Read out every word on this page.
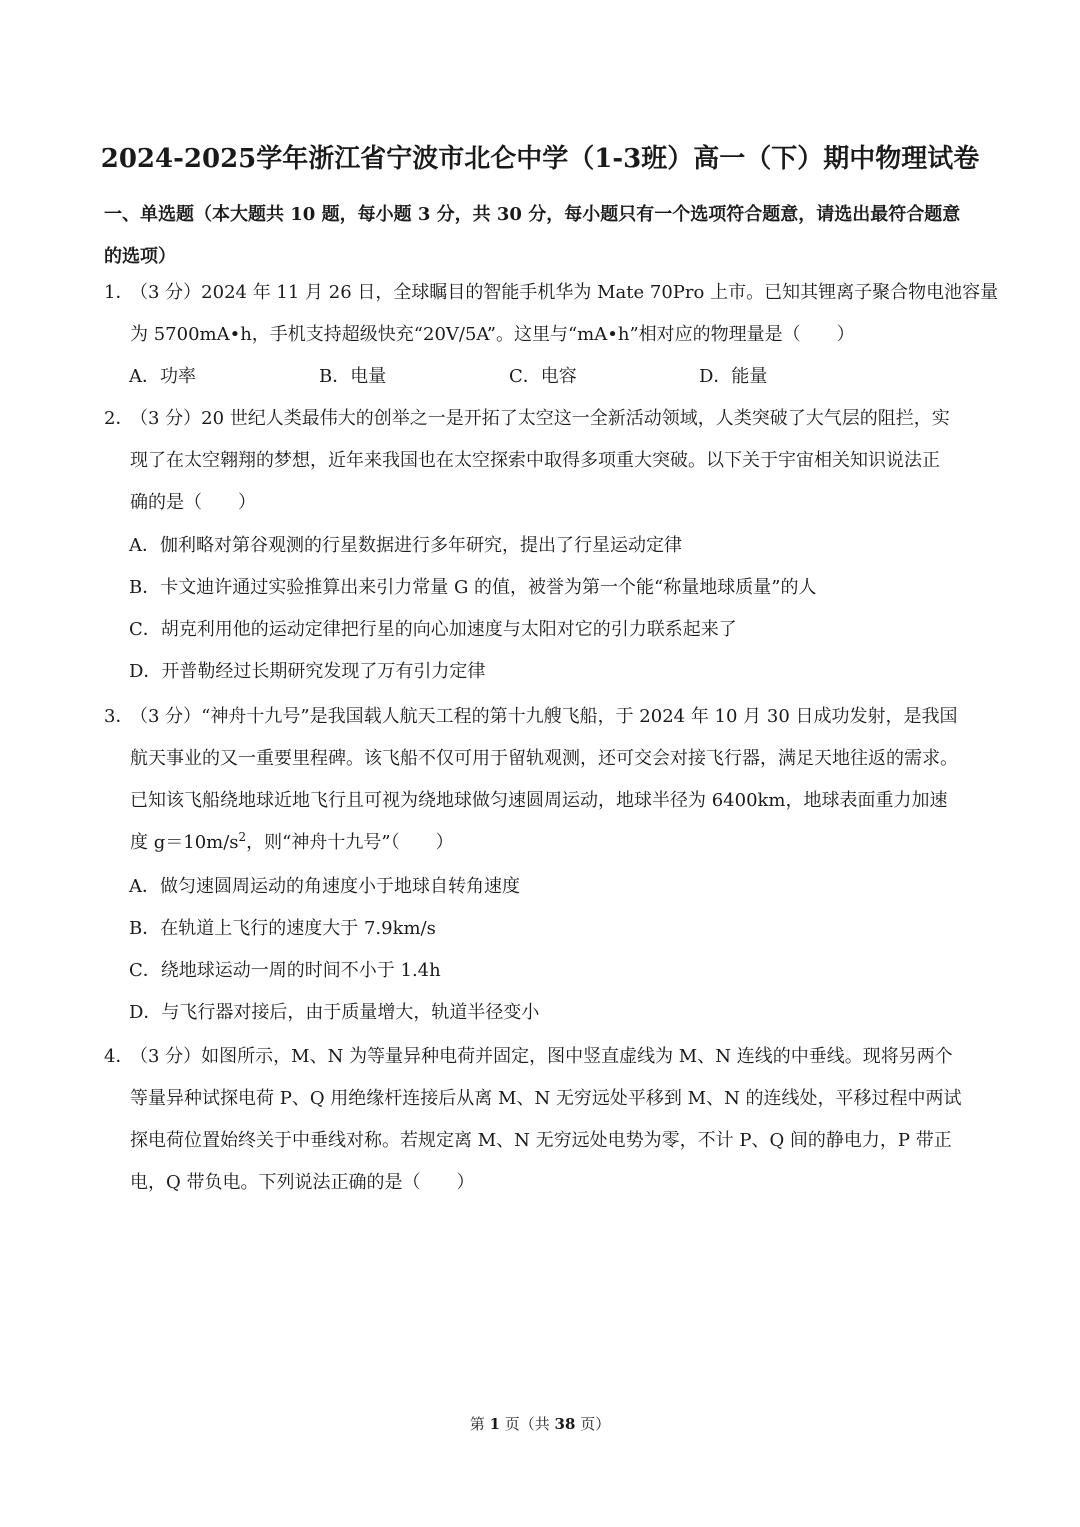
2024-2025学年浙江省宁波市北仑中学（1-3班）高一（下）期中物理试卷
一、单选题（本大题共 10 题，每小题 3 分，共 30 分，每小题只有一个选项符合题意，请选出最符合题意
的选项）
1．（3 分）2024 年 11 月 26 日，全球瞩目的智能手机华为 Mate 70Pro 上市。已知其锂离子聚合物电池容量
为 5700mA•h，手机支持超级快充“20V/5A”。这里与“mA•h”相对应的物理量是（　　）
A．功率	B．电量	C．电容	D．能量
2．（3 分）20 世纪人类最伟大的创举之一是开拓了太空这一全新活动领域，人类突破了大气层的阻拦，实
现了在太空翱翔的梦想，近年来我国也在太空探索中取得多项重大突破。以下关于宇宙相关知识说法正
确的是（　　）
A．伽利略对第谷观测的行星数据进行多年研究，提出了行星运动定律
B．卡文迪许通过实验推算出来引力常量 G 的值，被誉为第一个能“称量地球质量”的人
C．胡克利用他的运动定律把行星的向心加速度与太阳对它的引力联系起来了
D．开普勒经过长期研究发现了万有引力定律
3．（3 分）“神舟十九号”是我国载人航天工程的第十九艘飞船，于 2024 年 10 月 30 日成功发射，是我国
航天事业的又一重要里程碑。该飞船不仅可用于留轨观测，还可交会对接飞行器，满足天地往返的需求。
已知该飞船绕地球近地飞行且可视为绕地球做匀速圆周运动，地球半径为 6400km，地球表面重力加速
度 $g=10m/s^2$，则“神舟十九号”（　　）
A．做匀速圆周运动的角速度小于地球自转角速度
B．在轨道上飞行的速度大于 7.9km/s
C．绕地球运动一周的时间不小于 1.4h
D．与飞行器对接后，由于质量增大，轨道半径变小
4．（3 分）如图所示，M、N 为等量异种电荷并固定，图中竖直虚线为 M、N 连线的中垂线。现将另两个
等量异种试探电荷 P、Q 用绝缘杆连接后从离 M、N 无穷远处平移到 M、N 的连线处，平移过程中两试
探电荷位置始终关于中垂线对称。若规定离 M、N 无穷远处电势为零，不计 P、Q 间的静电力，P 带正
电，Q 带负电。下列说法正确的是（　　）
第 1 页（共 38 页）
